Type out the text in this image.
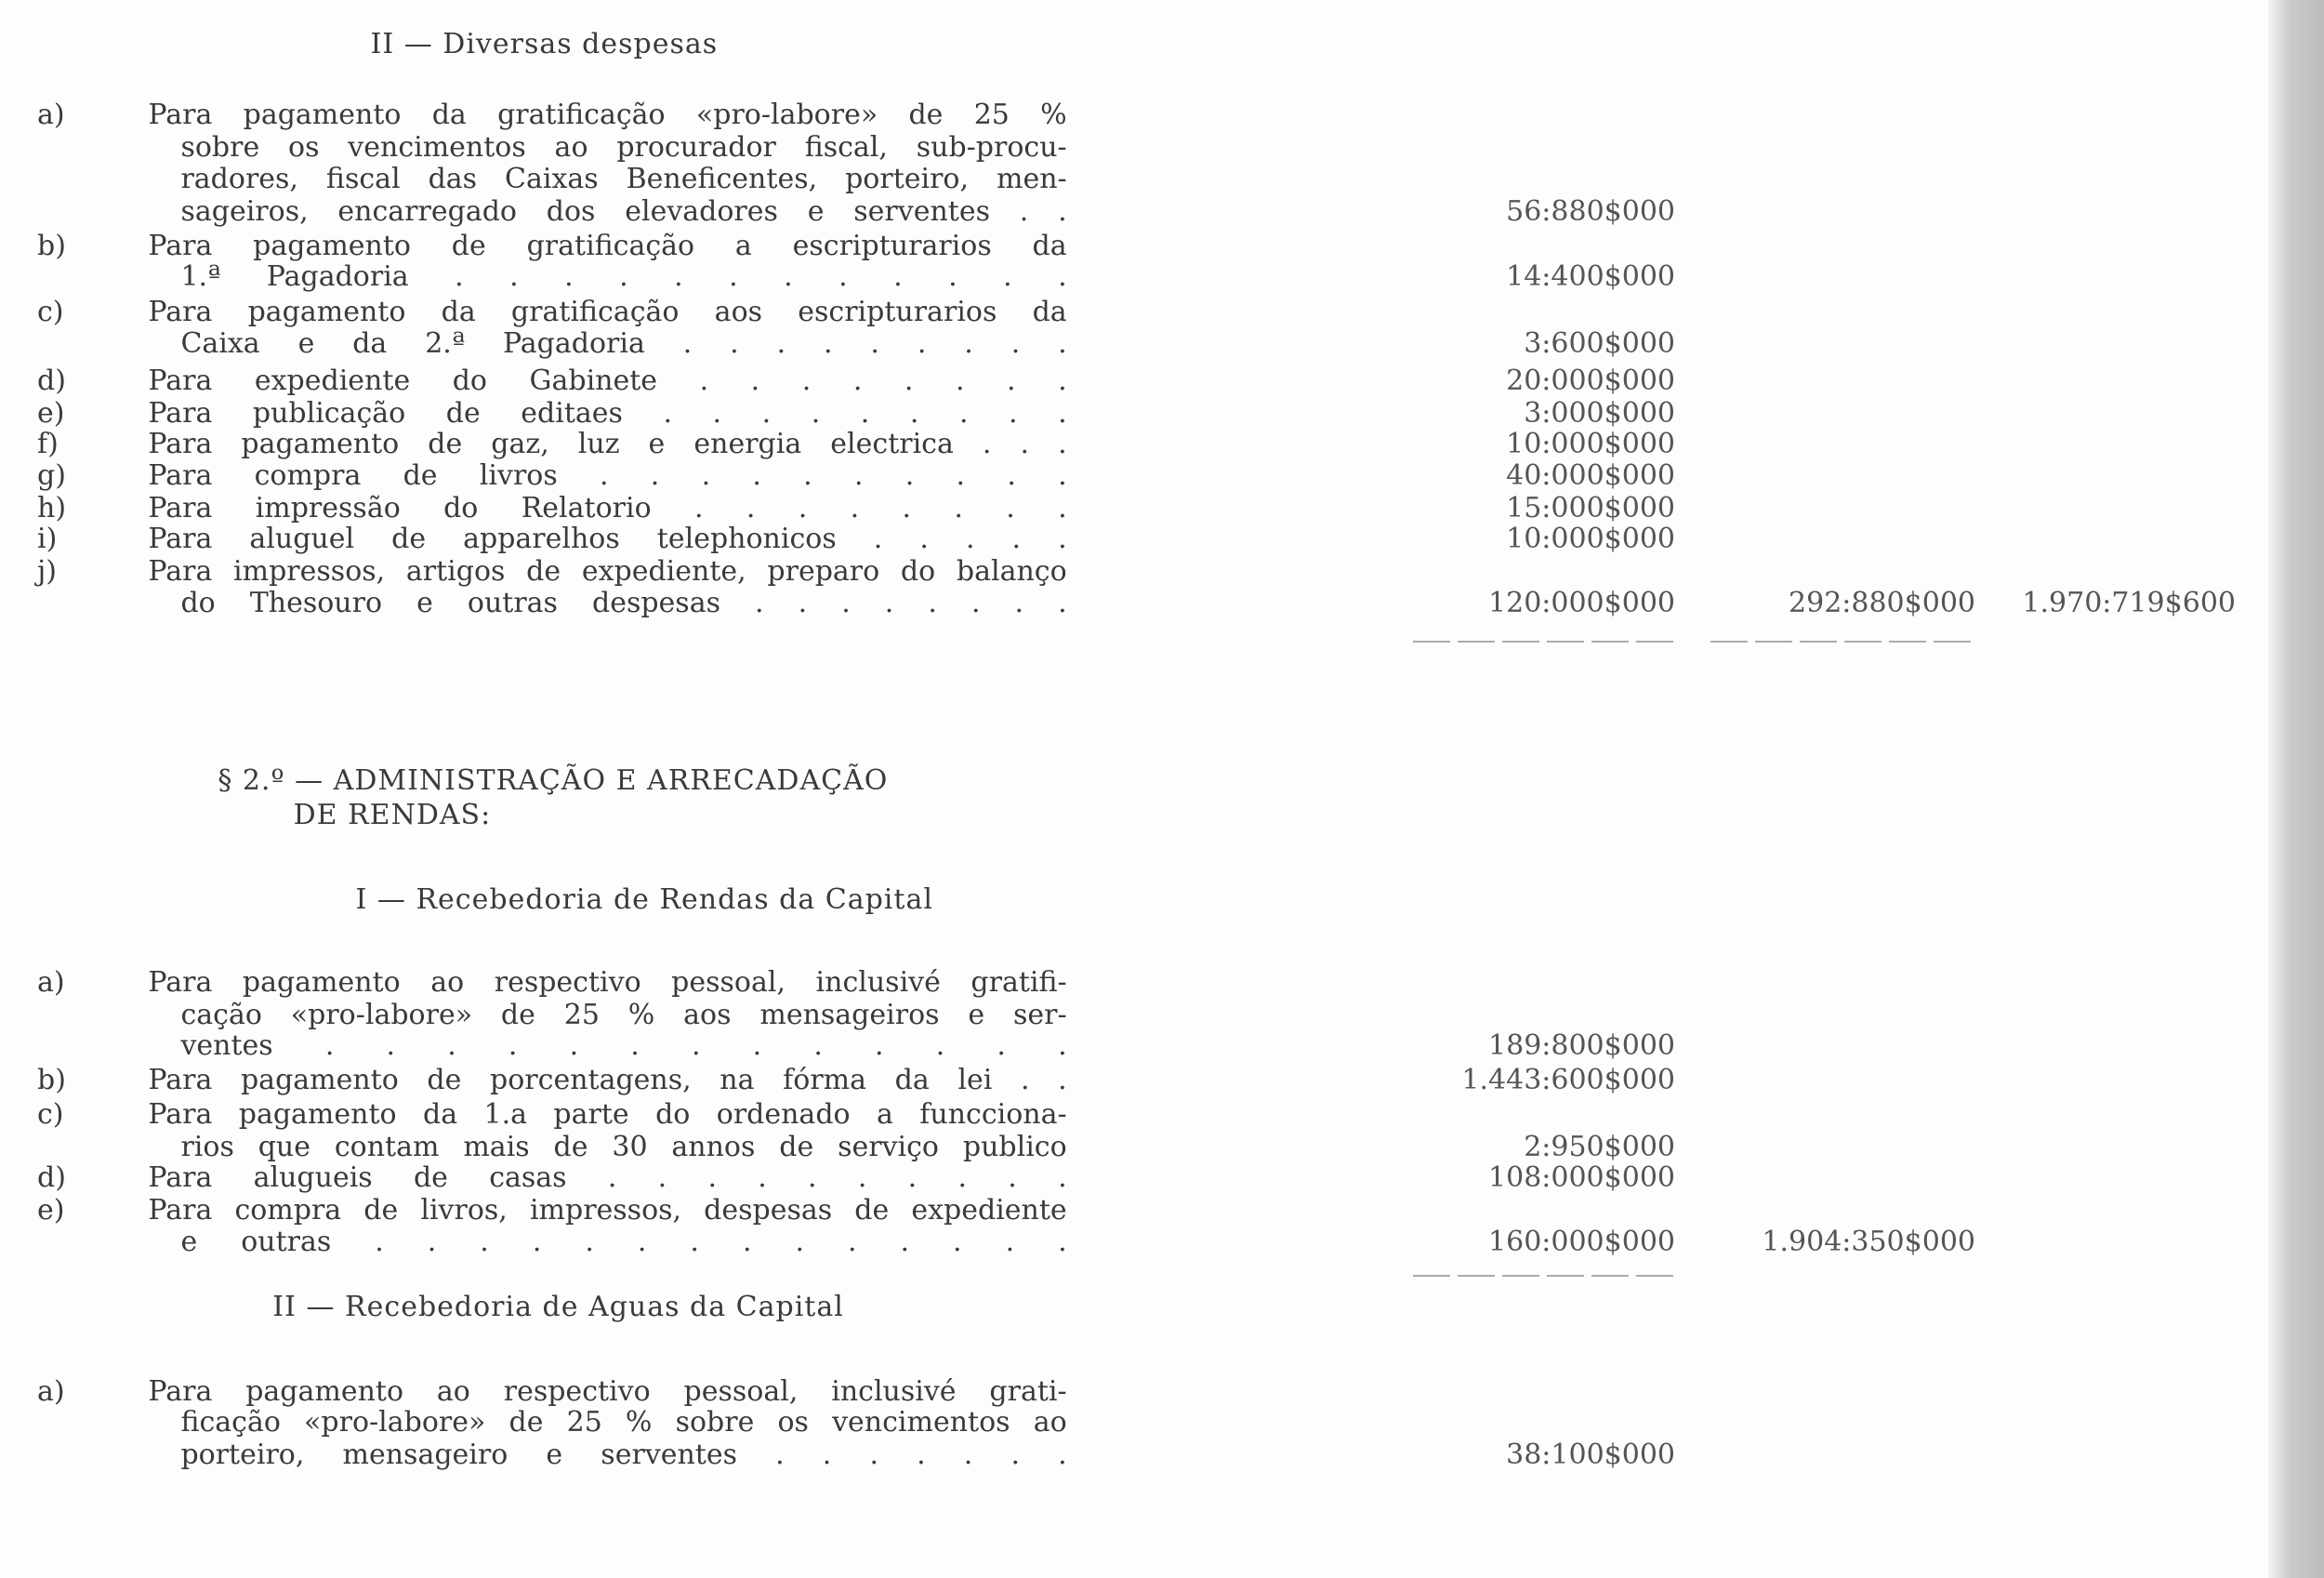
II — Diversas despesas
a)	Para pagamento da gratificação «pro-labore» de 25 %
sobre os vencimentos ao procurador fiscal, sub-procu-
radores, fiscal das Caixas Beneficentes, porteiro, men-
sageiros, encarregado dos elevadores e serventes . .	56:880$000
b)	Para pagamento de gratificação a escripturarios da
1.ª Pagadoria . . . . . . . . . . . .	14:400$000
c)	Para pagamento da gratificação aos escripturarios da
Caixa e da 2.ª Pagadoria . . . . . . . . .	3:600$000
d)	Para expediente do Gabinete . . . . . . . .	20:000$000
e)	Para publicação de editaes . . . . . . . . .	3:000$000
f)	Para pagamento de gaz, luz e energia electrica . . .	10:000$000
g)	Para compra de livros . . . . . . . . . .	40:000$000
h)	Para impressão do Relatorio . . . . . . . .	15:000$000
i)	Para aluguel de apparelhos telephonicos . . . . .	10:000$000
j)	Para impressos, artigos de expediente, preparo do balanço
do Thesouro e outras despesas . . . . . . . .	120:000$000	292:880$000	1.970:719$600
§ 2.º — ADMINISTRAÇÃO E ARRECADAÇÃO
DE RENDAS:
I — Recebedoria de Rendas da Capital
a)	Para pagamento ao respectivo pessoal, inclusivé gratifi-
cação «pro-labore» de 25 % aos mensageiros e ser-
ventes . . . . . . . . . . . . .	189:800$000
b)	Para pagamento de porcentagens, na fórma da lei . .	1.443:600$000
c)	Para pagamento da 1.a parte do ordenado a funcciona-
rios que contam mais de 30 annos de serviço publico	2:950$000
d)	Para alugueis de casas . . . . . . . . . .	108:000$000
e)	Para compra de livros, impressos, despesas de expediente
e outras . . . . . . . . . . . . . .	160:000$000	1.904:350$000
II — Recebedoria de Aguas da Capital
a)	Para pagamento ao respectivo pessoal, inclusivé grati-
ficação «pro-labore» de 25 % sobre os vencimentos ao
porteiro, mensageiro e serventes . . . . . . .	38:100$000
